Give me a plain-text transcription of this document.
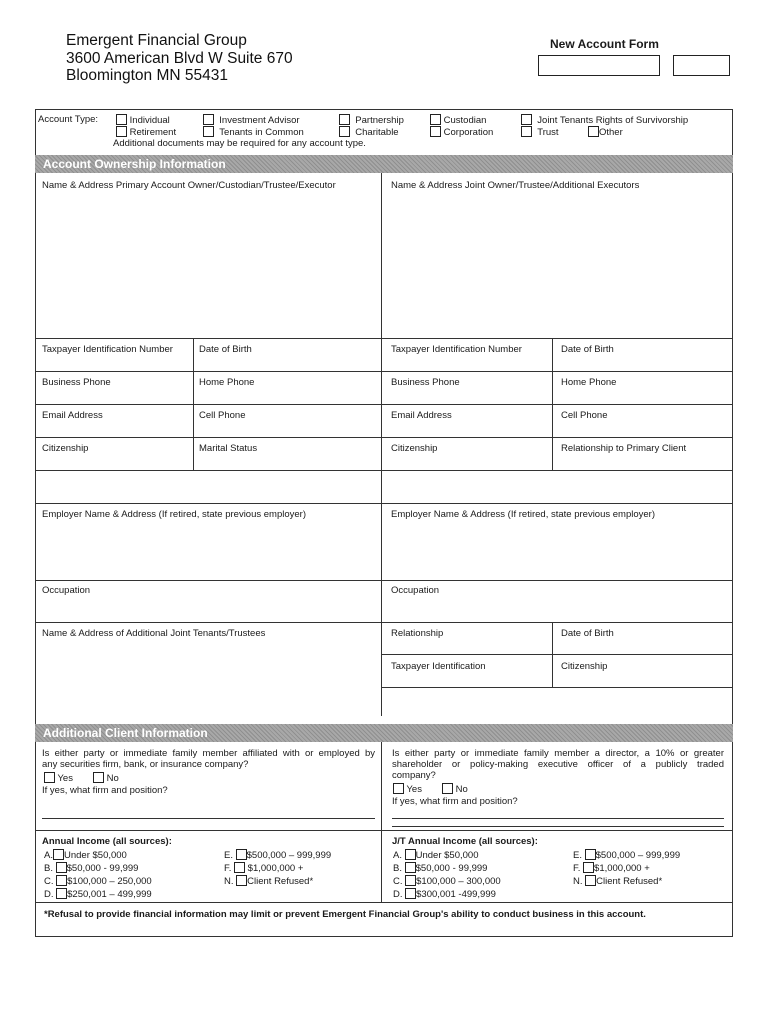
Emergent Financial Group
3600 American Blvd W Suite 670
Bloomington MN 55431
New Account Form
Account Type:	Individual	Investment Advisor	Partnership	Custodian	Joint Tenants Rights of Survivorship
Retirement	Tenants in Common	Charitable	Corporation	Trust	Other
Additional documents may be required for any account type.
Account Ownership Information
Name & Address Primary Account Owner/Custodian/Trustee/Executor	Name & Address Joint Owner/Trustee/Additional Executors
Taxpayer Identification Number	Date of Birth	Taxpayer Identification Number	Date of Birth
Business Phone	Home Phone	Business Phone	Home Phone
Email Address	Cell Phone	Email Address	Cell Phone
Citizenship	Marital Status	Citizenship	Relationship to Primary Client
Employer Name & Address (If retired, state previous employer)	Employer Name & Address (If retired, state previous employer)
Occupation	Occupation
Name & Address of Additional Joint Tenants/Trustees	Relationship	Date of Birth
Taxpayer Identification	Citizenship
Additional Client Information
Is either party or immediate family member affiliated with or employed by
any securities firm, bank, or insurance company?
Yes	No
If yes, what firm and position?
Is either party or immediate family member a director, a 10% or greater
shareholder or policy-making executive officer of a publicly traded
company?
Yes	No
If yes, what firm and position?
Annual Income (all sources):	J/T Annual Income (all sources):
A. Under $50,000
B. $50,000 - 99,999
C. $100,000 – 250,000
D. $250,001 – 499,999
E. $500,000 – 999,999
F. $1,000,000 +
N. Client Refused*
A. Under $50,000
B. $50,000 - 99,999
C. $100,000 – 300,000
D. $300,001 -499,999
E. $500,000 – 999,999
F. $1,000,000 +
N. Client Refused*
*Refusal to provide financial information may limit or prevent Emergent Financial Group's ability to conduct business in this account.
